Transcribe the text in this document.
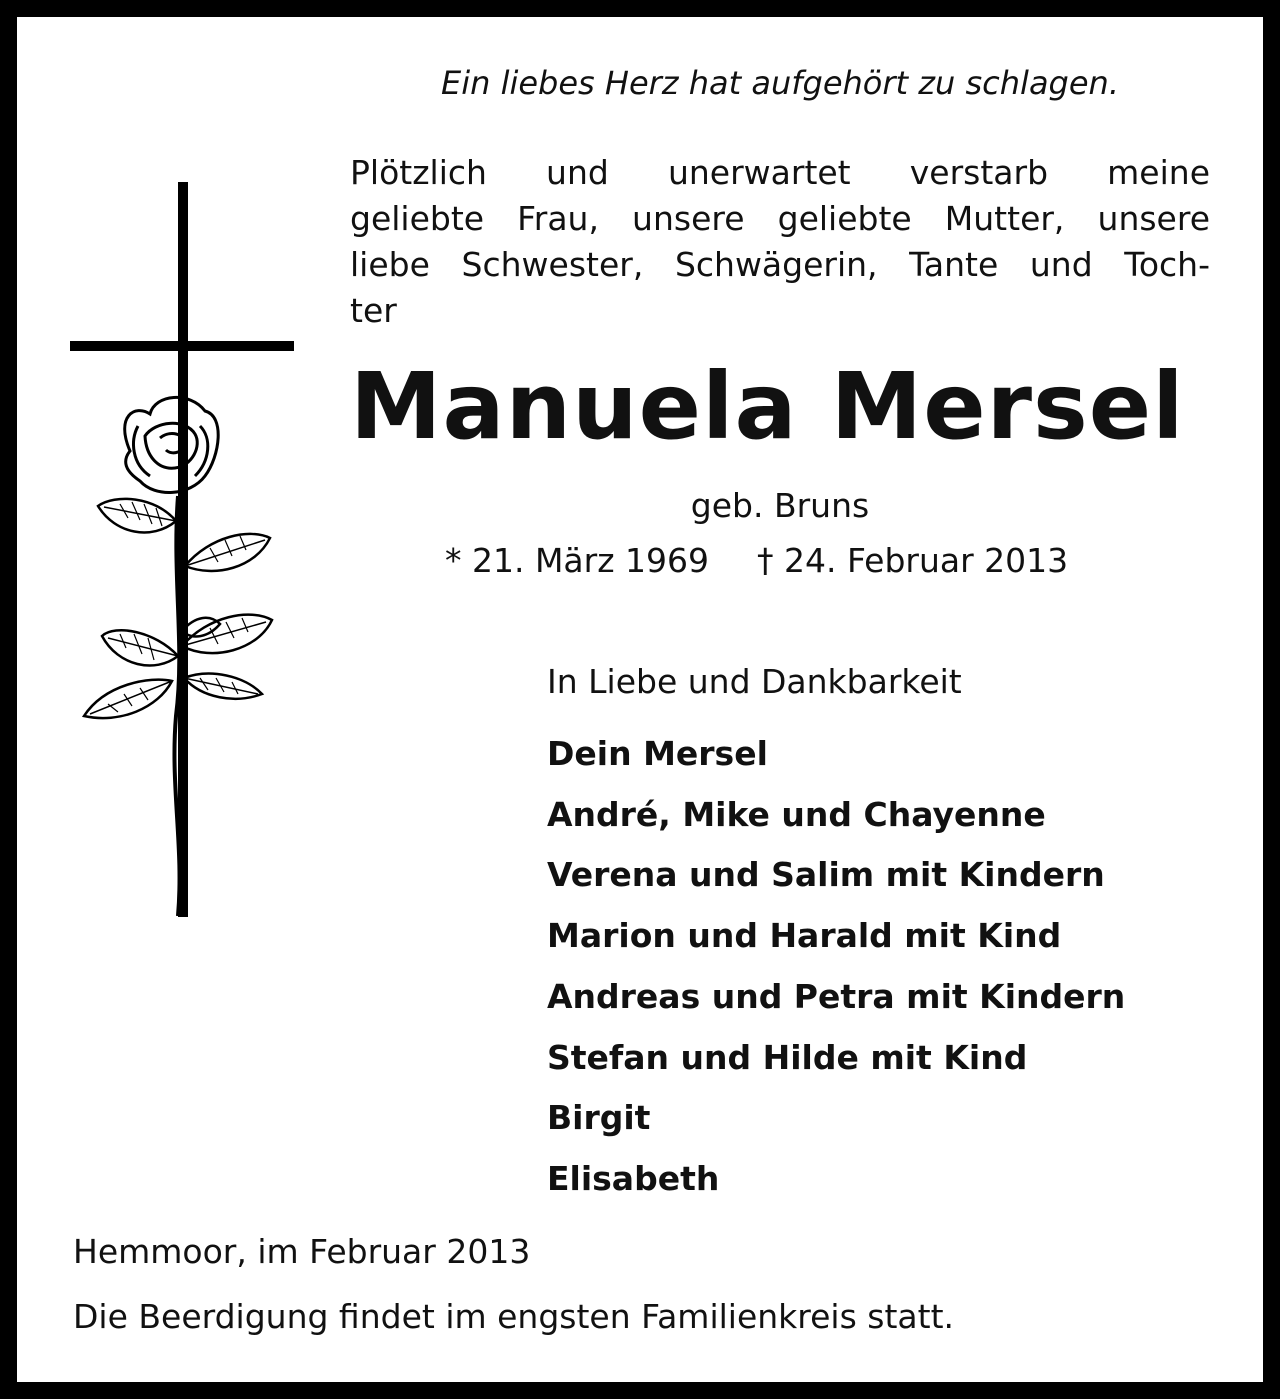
Ein liebes Herz hat aufgehört zu schlagen.

Plötzlich und unerwartet verstarb meine
geliebte Frau, unsere geliebte Mutter, unsere
liebe Schwester, Schwägerin, Tante und Toch-
ter
Manuela Mersel

geb. Bruns

* 21. März 1969 † 24. Februar 2013

In Liebe und Dankbarkeit

Dein Mersel
André, Mike und Chayenne
Verena und Salim mit Kindern
Marion und Harald mit Kind
Andreas und Petra mit Kindern
Stefan und Hilde mit Kind
Birgit
Elisabeth

Hemmoor, im Februar 2013

Die Beerdigung findet im engsten Familienkreis statt.
